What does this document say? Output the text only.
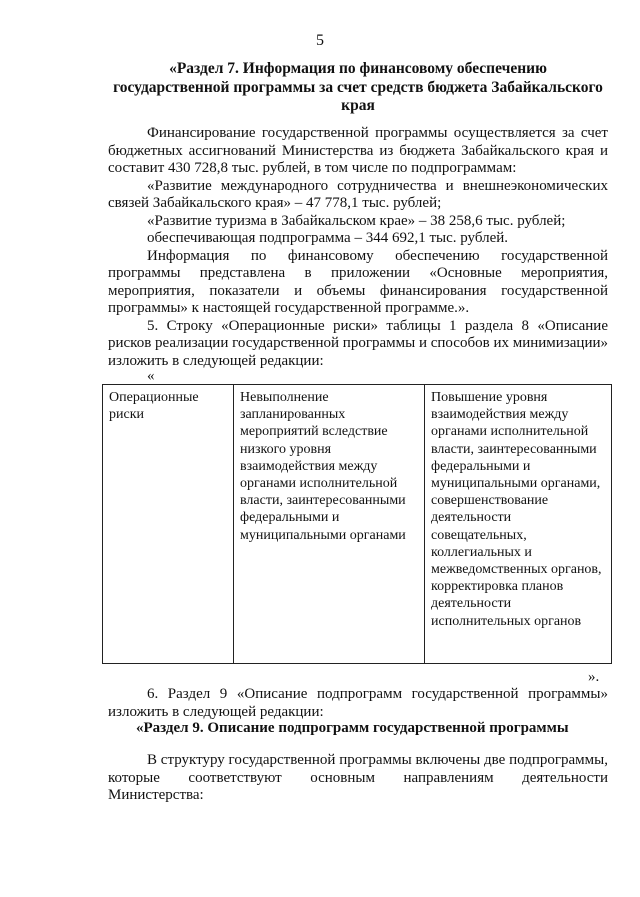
5
«Раздел 7. Информация по финансовому обеспечению
государственной программы за счет средств бюджета Забайкальского
края

Финансирование государственной программы осуществляется за счет бюджетных ассигнований Министерства из бюджета Забайкальского края и составит 430 728,8 тыс. рублей, в том числе по подпрограммам:

«Развитие международного сотрудничества и внешнеэкономических связей Забайкальского края» – 47 778,1 тыс. рублей;

«Развитие туризма в Забайкальском крае» – 38 258,6 тыс. рублей;

обеспечивающая подпрограмма – 344 692,1 тыс. рублей.

Информация по финансовому обеспечению государственной программы представлена в приложении «Основные мероприятия, мероприятия, показатели и объемы финансирования государственной программы» к настоящей государственной программе.».

5. Строку «Операционные риски» таблицы 1 раздела 8 «Описание рисков реализации государственной программы и способов их минимизации» изложить в следующей редакции:

«
Операционные риски	Невыполнение запланированных мероприятий вследствие низкого уровня взаимодействия между органами исполнительной власти, заинтересованными федеральными и муниципальными органами	Повышение уровня взаимодействия между органами исполнительной власти, заинтересованными федеральными и муниципальными органами, совершенствование деятельности совещательных, коллегиальных и межведомственных органов, корректировка планов деятельности исполнительных органов
».

6. Раздел 9 «Описание подпрограмм государственной программы» изложить в следующей редакции:

«Раздел 9. Описание подпрограмм государственной программы

В структуру государственной программы включены две подпрограммы, которые соответствуют основным направлениям деятельности Министерства:
